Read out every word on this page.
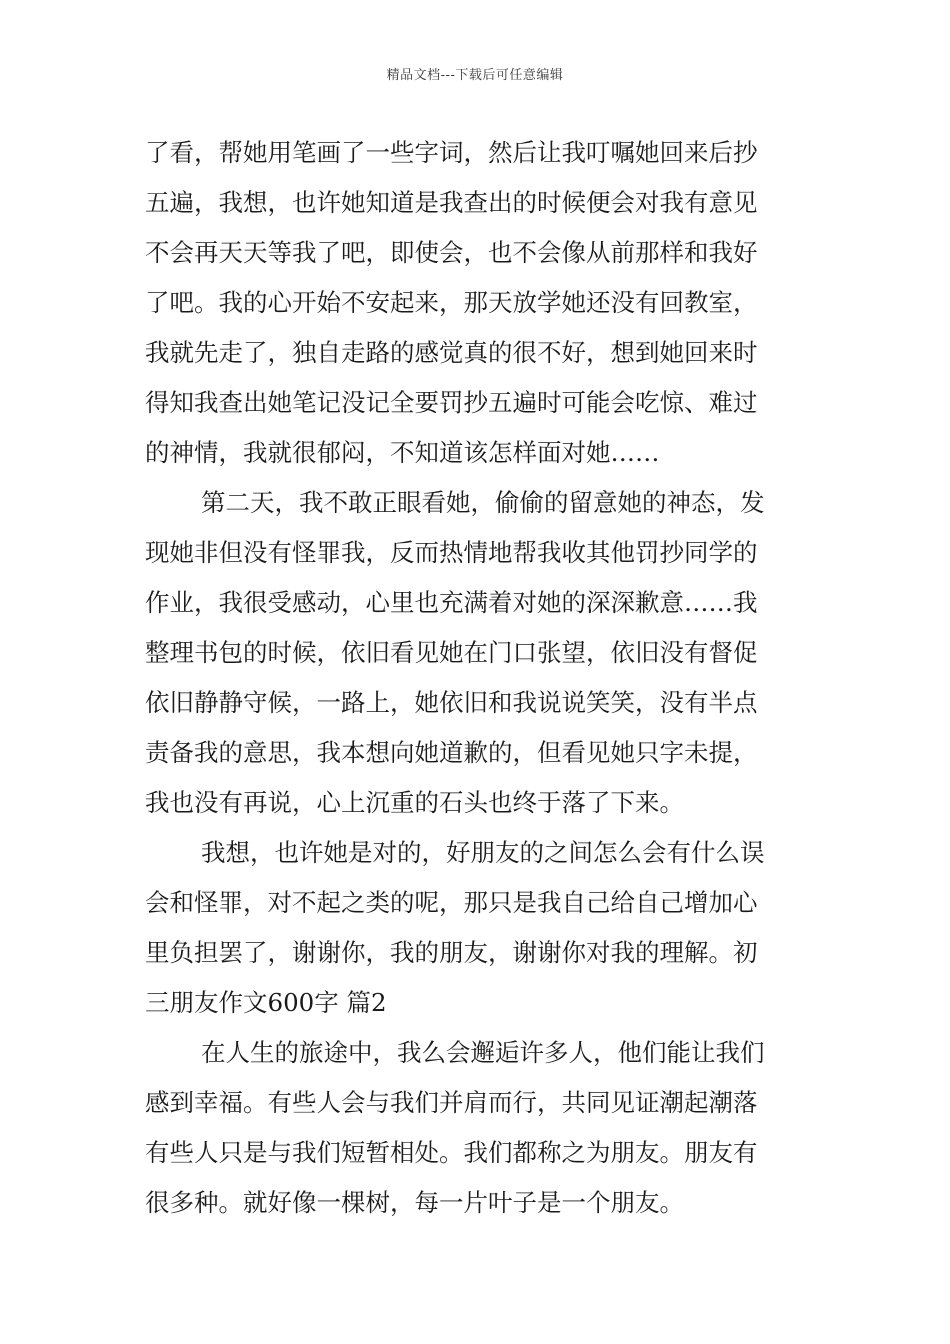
精品文档---下载后可任意编辑
了看，帮她用笔画了一些字词，然后让我叮嘱她回来后抄
五遍，我想，也许她知道是我查出的时候便会对我有意见
不会再天天等我了吧，即使会，也不会像从前那样和我好
了吧。我的心开始不安起来，那天放学她还没有回教室，
我就先走了，独自走路的感觉真的很不好，想到她回来时
得知我查出她笔记没记全要罚抄五遍时可能会吃惊、难过
的神情，我就很郁闷，不知道该怎样面对她……
第二天，我不敢正眼看她，偷偷的留意她的神态，发
现她非但没有怪罪我，反而热情地帮我收其他罚抄同学的
作业，我很受感动，心里也充满着对她的深深歉意……我
整理书包的时候，依旧看见她在门口张望，依旧没有督促
依旧静静守候，一路上，她依旧和我说说笑笑，没有半点
责备我的意思，我本想向她道歉的，但看见她只字未提，
我也没有再说，心上沉重的石头也终于落了下来。
我想，也许她是对的，好朋友的之间怎么会有什么误
会和怪罪，对不起之类的呢，那只是我自己给自己增加心
里负担罢了，谢谢你，我的朋友，谢谢你对我的理解。初
三朋友作文600字 篇2
在人生的旅途中，我么会邂逅许多人，他们能让我们
感到幸福。有些人会与我们并肩而行，共同见证潮起潮落
有些人只是与我们短暂相处。我们都称之为朋友。朋友有
很多种。就好像一棵树，每一片叶子是一个朋友。
